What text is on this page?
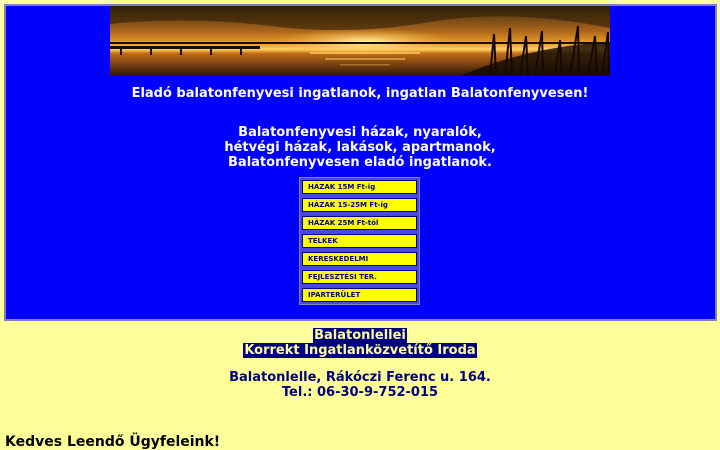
Eladó balatonfenyvesi ingatlanok, ingatlan Balatonfenyvesen!
Balatonfenyvesi házak, nyaralók,
hétvégi házak, lakások, apartmanok,
Balatonfenyvesen eladó ingatlanok.
HÁZAK 15M Ft-ig
HÁZAK 15-25M Ft-ig
HÁZAK 25M Ft-tól
TELKEK
KERESKEDELMI
FEJLESZTÉSI TER.
IPARTERÜLET
Balatonlellei
Korrekt Ingatlanközvetítő Iroda
Balatonlelle, Rákóczi Ferenc u. 164.
Tel.: 06-30-9-752-015
Kedves Leendő Ügyfeleink!
